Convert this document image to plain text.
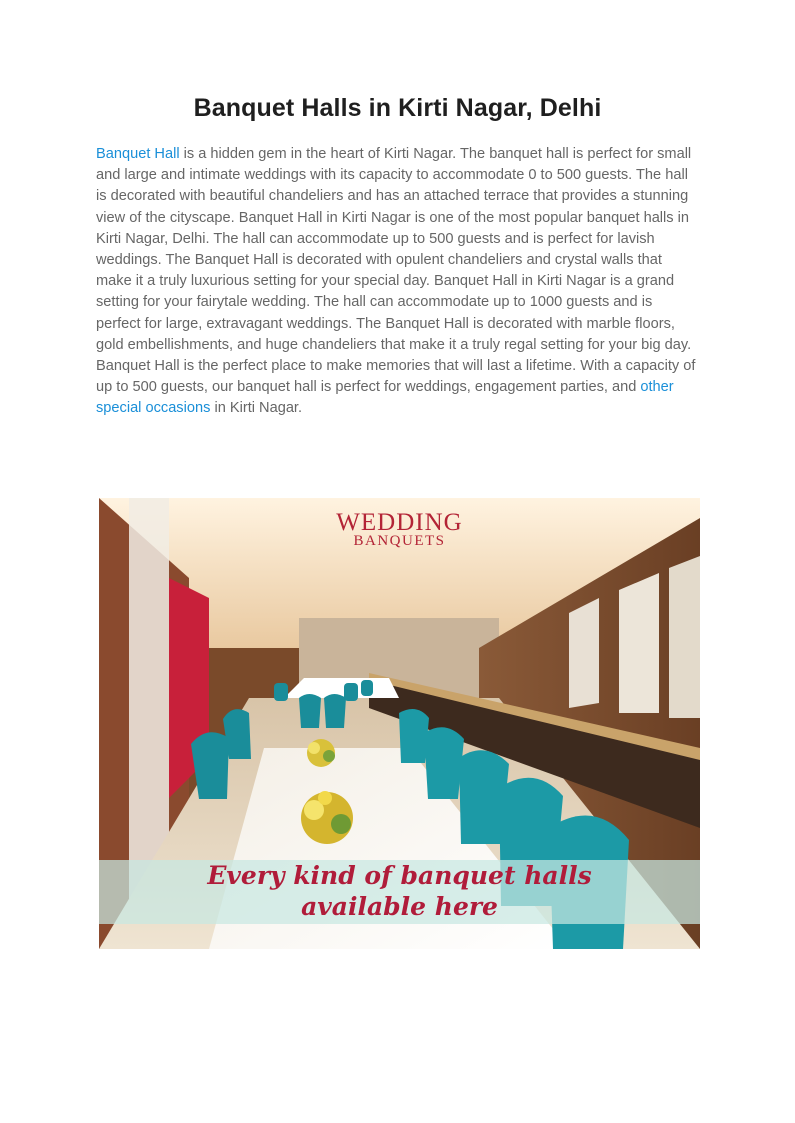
Banquet Halls in Kirti Nagar, Delhi

Banquet Hall is a hidden gem in the heart of Kirti Nagar. The banquet hall is perfect for small and large and intimate weddings with its capacity to accommodate 0 to 500 guests. The hall is decorated with beautiful chandeliers and has an attached terrace that provides a stunning view of the cityscape. Banquet Hall in Kirti Nagar is one of the most popular banquet halls in Kirti Nagar, Delhi. The hall can accommodate up to 500 guests and is perfect for lavish weddings. The Banquet Hall is decorated with opulent chandeliers and crystal walls that make it a truly luxurious setting for your special day. Banquet Hall in Kirti Nagar is a grand setting for your fairytale wedding. The hall can accommodate up to 1000 guests and is perfect for large, extravagant weddings. The Banquet Hall is decorated with marble floors, gold embellishments, and huge chandeliers that make it a truly regal setting for your big day. Banquet Hall is the perfect place to make memories that will last a lifetime. With a capacity of up to 500 guests, our banquet hall is perfect for weddings, engagement parties, and other special occasions in Kirti Nagar.

WEDDING
BANQUETS
Every kind of banquet halls
available here
